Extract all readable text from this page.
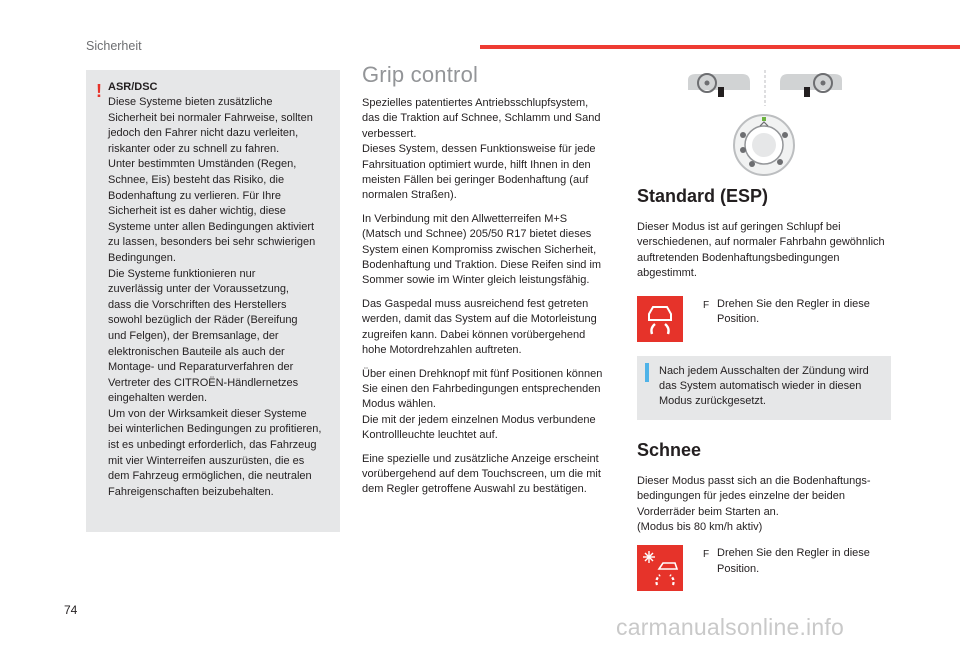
Sicherheit
! ASR/DSC
Diese Systeme bieten zusätzliche
Sicherheit bei normaler Fahrweise, sollten
jedoch den Fahrer nicht dazu verleiten,
riskanter oder zu schnell zu fahren.
Unter bestimmten Umständen (Regen,
Schnee, Eis) besteht das Risiko, die
Bodenhaftung zu verlieren. Für Ihre
Sicherheit ist es daher wichtig, diese
Systeme unter allen Bedingungen aktiviert
zu lassen, besonders bei sehr schwierigen
Bedingungen.
Die Systeme funktionieren nur
zuverlässig unter der Voraussetzung,
dass die Vorschriften des Herstellers
sowohl bezüglich der Räder (Bereifung
und Felgen), der Bremsanlage, der
elektronischen Bauteile als auch der
Montage- und Reparaturverfahren der
Vertreter des CITROËN-Händlernetzes
eingehalten werden.
Um von der Wirksamkeit dieser Systeme
bei winterlichen Bedingungen zu profitieren,
ist es unbedingt erforderlich, das Fahrzeug
mit vier Winterreifen auszurüsten, die es
dem Fahrzeug ermöglichen, die neutralen
Fahreigenschaften beizubehalten.
Grip control

Spezielles patentiertes Antriebsschlupfsystem,
das die Traktion auf Schnee, Schlamm und Sand
verbessert.
Dieses System, dessen Funktionsweise für jede
Fahrsituation optimiert wurde, hilft Ihnen in den
meisten Fällen bei geringer Bodenhaftung (auf
normalen Straßen).

In Verbindung mit den Allwetterreifen M+S
(Matsch und Schnee) 205/50 R17 bietet dieses
System einen Kompromiss zwischen Sicherheit,
Bodenhaftung und Traktion. Diese Reifen sind im
Sommer sowie im Winter gleich leistungsfähig.

Das Gaspedal muss ausreichend fest getreten
werden, damit das System auf die Motorleistung
zugreifen kann. Dabei können vorübergehend
hohe Motordrehzahlen auftreten.

Über einen Drehknopf mit fünf Positionen können
Sie einen den Fahrbedingungen entsprechenden
Modus wählen.
Die mit der jedem einzelnen Modus verbundene
Kontrollleuchte leuchtet auf.

Eine spezielle und zusätzliche Anzeige erscheint
vorübergehend auf dem Touchscreen, um die mit
dem Regler getroffene Auswahl zu bestätigen.

Standard (ESP)

Dieser Modus ist auf geringen Schlupf bei
verschiedenen, auf normaler Fahrbahn gewöhnlich
auftretenden Bodenhaftungsbedingungen
abgestimmt.

F Drehen Sie den Regler in diese
Position.
Nach jedem Ausschalten der Zündung wird
das System automatisch wieder in diesen
Modus zurückgesetzt.
Schnee

Dieser Modus passt sich an die Bodenhaftungs-
bedingungen für jedes einzelne der beiden
Vorderräder beim Starten an.
(Modus bis 80 km/h aktiv)

F Drehen Sie den Regler in diese
Position.
74
carmanualsonline.info
